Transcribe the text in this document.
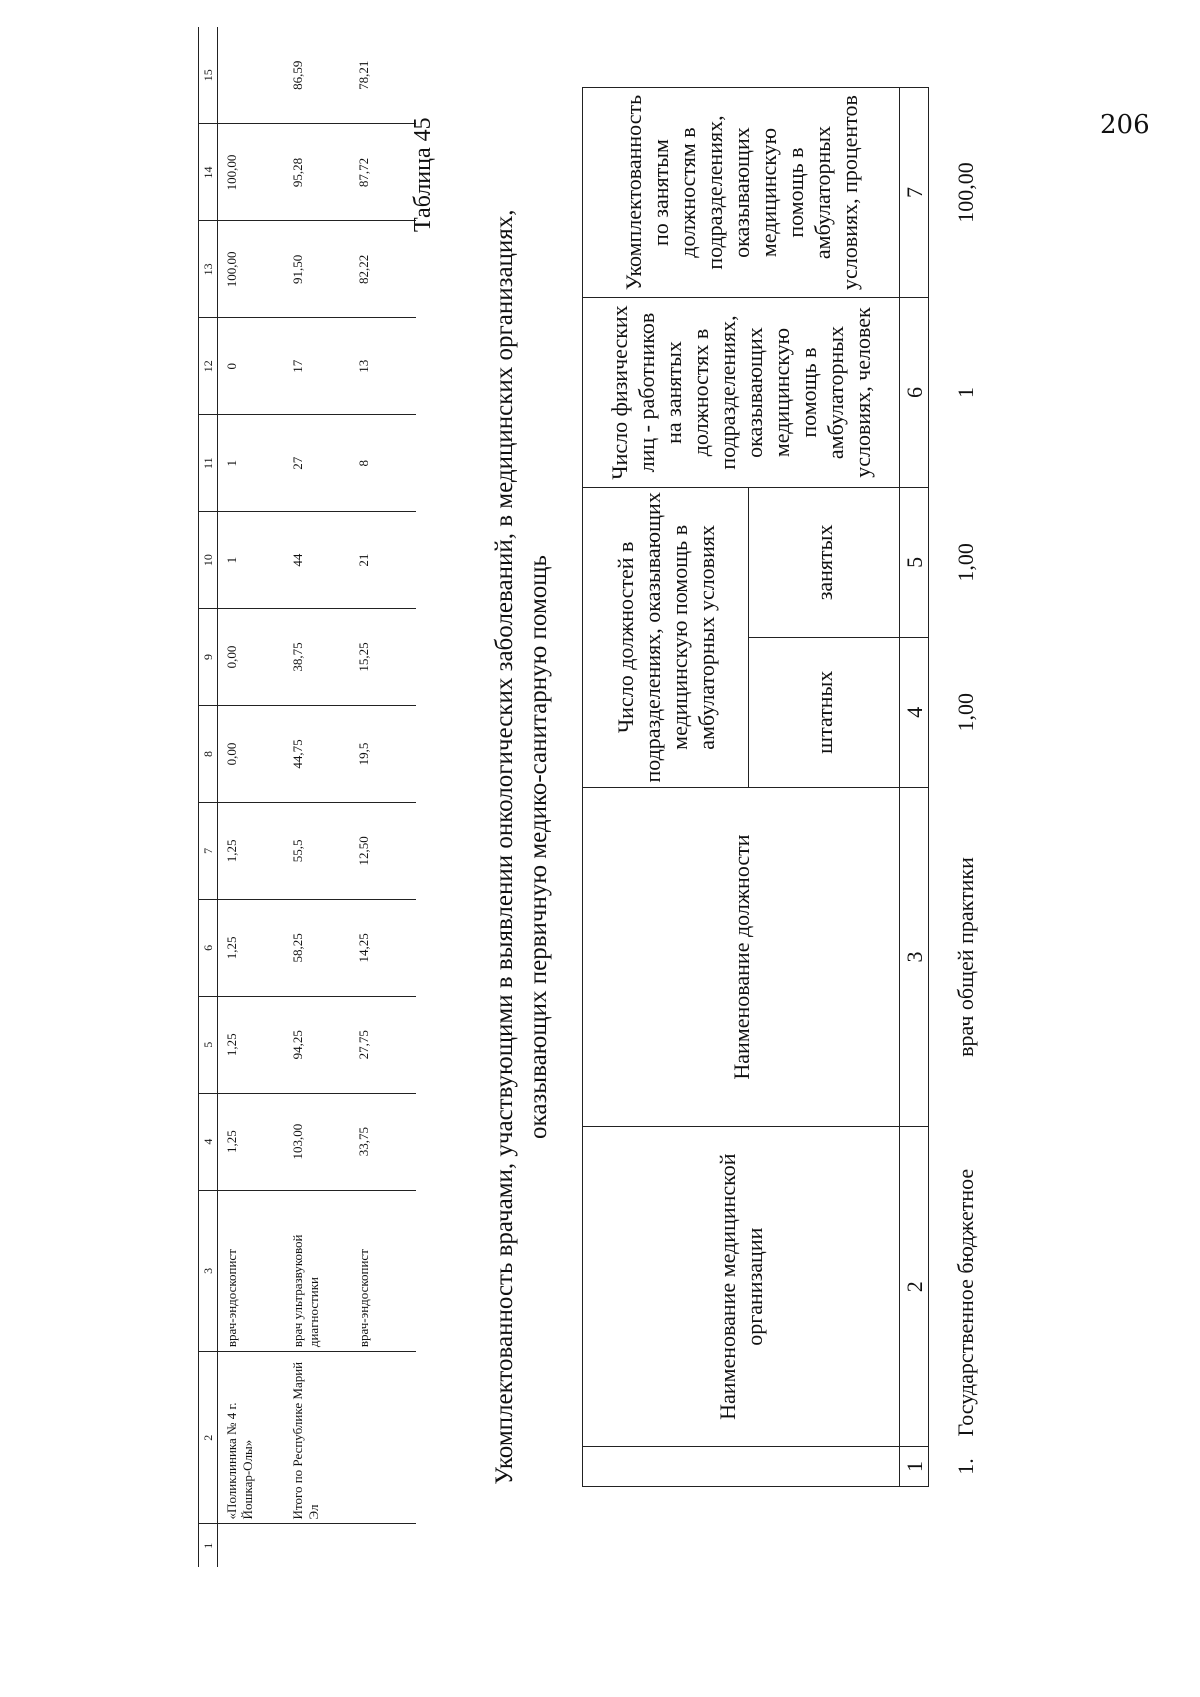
206
1	2	3	4	5	6	7	8	9	10	11	12	13	14	15
	«Поликлиника № 4 г. Йошкар-Олы»	врач-эндоскопист	1,25	1,25	1,25	1,25	0,00	0,00	1	1	0	100,00	100,00	
	Итого по Республике Марий Эл	врач ультразвуковой диагностики	103,00	94,25	58,25	55,5	44,75	38,75	44	27	17	91,50	95,28	86,59
		врач-эндоскопист	33,75	27,75	14,25	12,50	19,5	15,25	21	8	13	82,22	87,72	78,21
Таблица 45
Укомплектованность врачами, участвующими в выявлении онкологических заболеваний, в медицинских организациях, оказывающих первичную медико-санитарную помощь
	Наименование медицинской организации	Наименование должности	Число должностей в подразделениях, оказывающих медицинскую помощь в амбулаторных условиях		Число физических лиц - работников на занятых должностях в подразделениях, оказывающих медицинскую помощь в амбулаторных условиях, человек	Укомплектованность по занятым должностям в подразделениях, оказывающих медицинскую помощь в амбулаторных условиях, процентов
			штатных	занятых		
1	2	3	4	5	6	7
1.	Государственное бюджетное	врач общей практики	1,00	1,00	1	100,00
